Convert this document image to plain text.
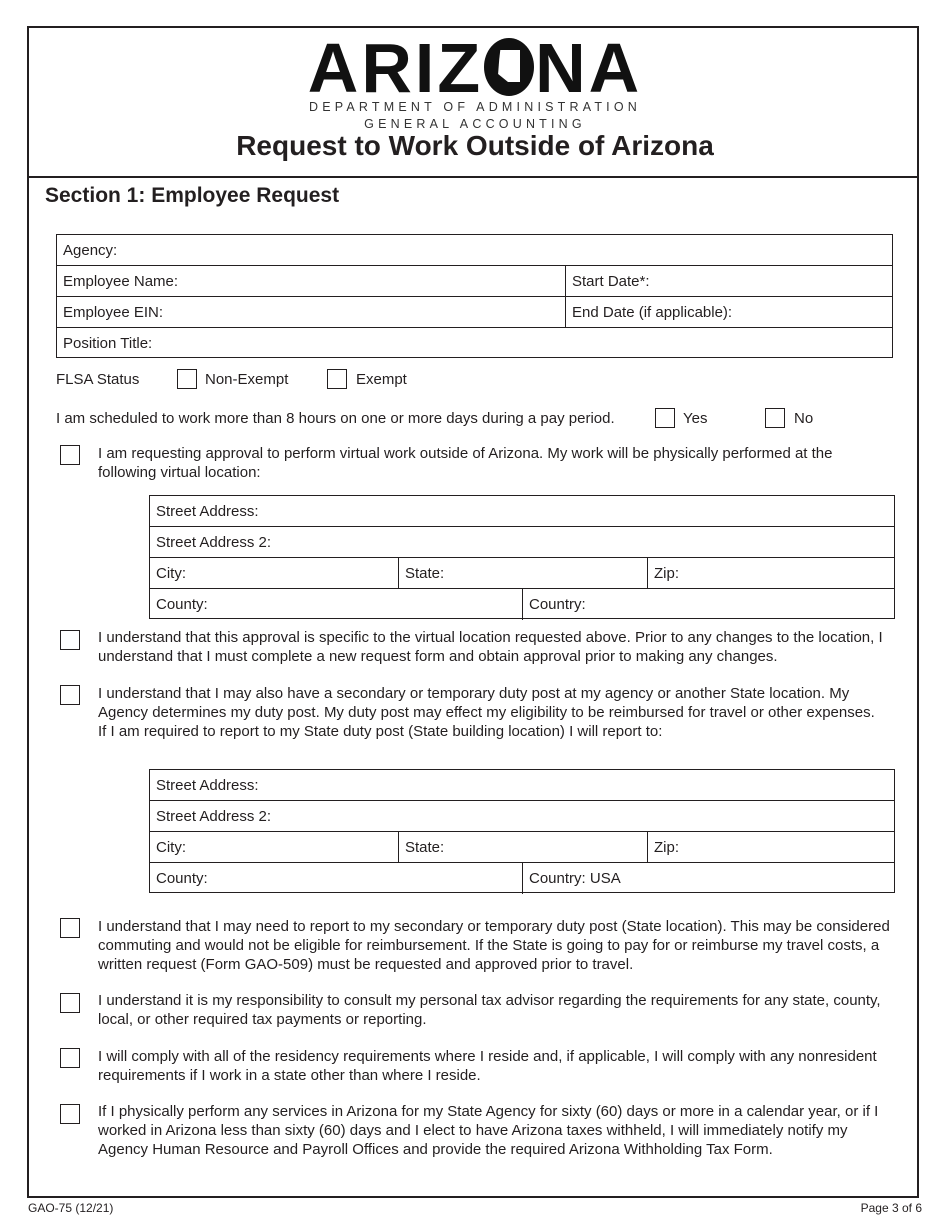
ARIZ NA
DEPARTMENT OF ADMINISTRATION
GENERAL ACCOUNTING
Request to Work Outside of Arizona
Section 1: Employee Request
Agency:
Employee Name:	Start Date*:
Employee EIN:	End Date (if applicable):
Position Title:
FLSA Status	Non-Exempt	Exempt
I am scheduled to work more than 8 hours on one or more days during a pay period.	Yes	No
I am requesting approval to perform virtual work outside of Arizona. My work will be physically performed at the following virtual location:
Street Address:
Street Address 2:
City:	State:	Zip:
County:	Country:
I understand that this approval is specific to the virtual location requested above. Prior to any changes to the location, I understand that I must complete a new request form and obtain approval prior to making any changes.
I understand that I may also have a secondary or temporary duty post at my agency or another State location. My Agency determines my duty post. My duty post may effect my eligibility to be reimbursed for travel or other expenses. If I am required to report to my State duty post (State building location) I will report to:
Street Address:
Street Address 2:
City:	State:	Zip:
County:	Country: USA
I understand that I may need to report to my secondary or temporary duty post (State location). This may be considered commuting and would not be eligible for reimbursement. If the State is going to pay for or reimburse my travel costs, a written request (Form GAO-509) must be requested and approved prior to travel.
I understand it is my responsibility to consult my personal tax advisor regarding the requirements for any state, county, local, or other required tax payments or reporting.
I will comply with all of the residency requirements where I reside and, if applicable, I will comply with any nonresident requirements if I work in a state other than where I reside.
If I physically perform any services in Arizona for my State Agency for sixty (60) days or more in a calendar year, or if I worked in Arizona less than sixty (60) days and I elect to have Arizona taxes withheld, I will immediately notify my Agency Human Resource and Payroll Offices and provide the required Arizona Withholding Tax Form.
GAO-75 (12/21)	Page 3 of 6
